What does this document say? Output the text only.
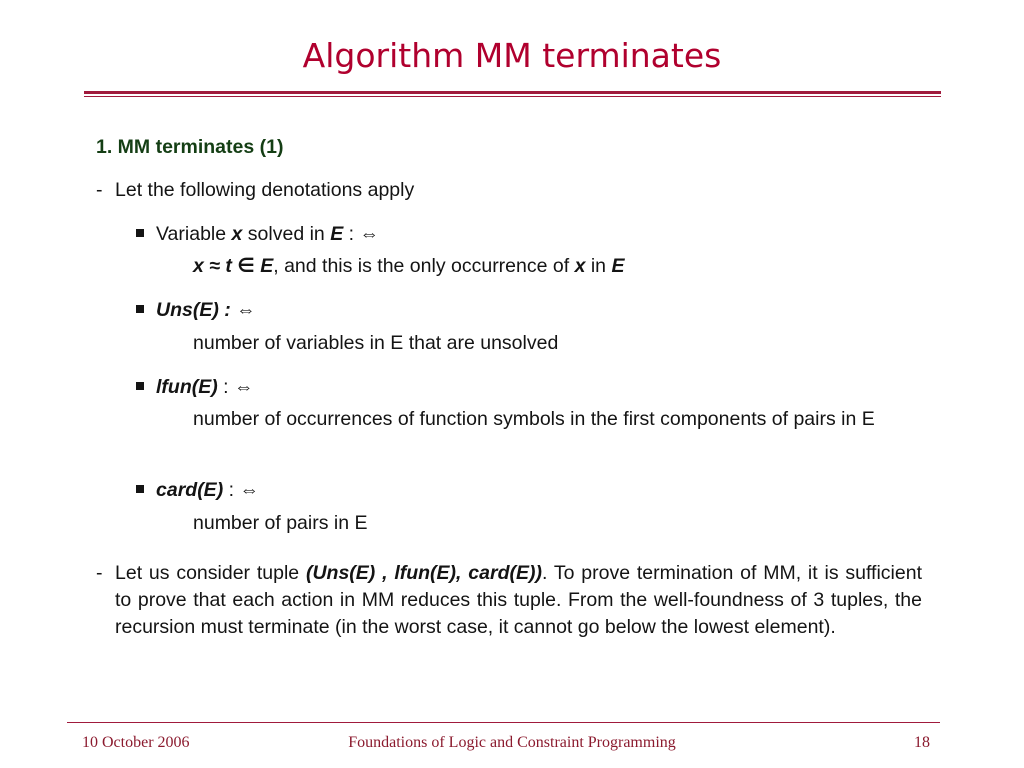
Algorithm MM terminates
1. MM terminates (1)
- Let the following denotations apply
Variable x solved in E : ⇔
x ≈ t ∈ E, and this is the only occurrence of x in E
Uns(E) : ⇔
number of variables in E that are unsolved
lfun(E) : ⇔
number of occurrences of function symbols in the first components of pairs in E
card(E) : ⇔
number of pairs in E
- Let us consider tuple (Uns(E) , lfun(E), card(E)). To prove termination of MM, it is sufficient to prove that each action in MM reduces this tuple. From the well-foundness of 3 tuples, the recursion must terminate (in the worst case, it cannot go below the lowest element).
10 October 2006	Foundations of Logic and Constraint Programming	18
